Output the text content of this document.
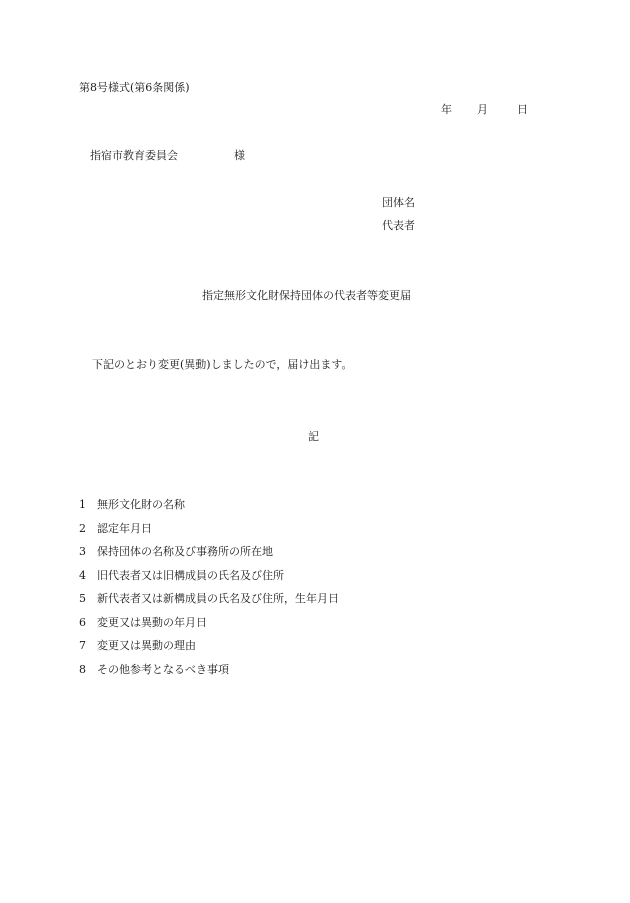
第8号様式(第6条関係)
年	月	日
指宿市教育委員会	様
団体名
代表者
指定無形文化財保持団体の代表者等変更届
下記のとおり変更(異動)しましたので，届け出ます。
記
1	無形文化財の名称
2	認定年月日
3	保持団体の名称及び事務所の所在地
4	旧代表者又は旧構成員の氏名及び住所
5	新代表者又は新構成員の氏名及び住所，生年月日
6	変更又は異動の年月日
7	変更又は異動の理由
8	その他参考となるべき事項
